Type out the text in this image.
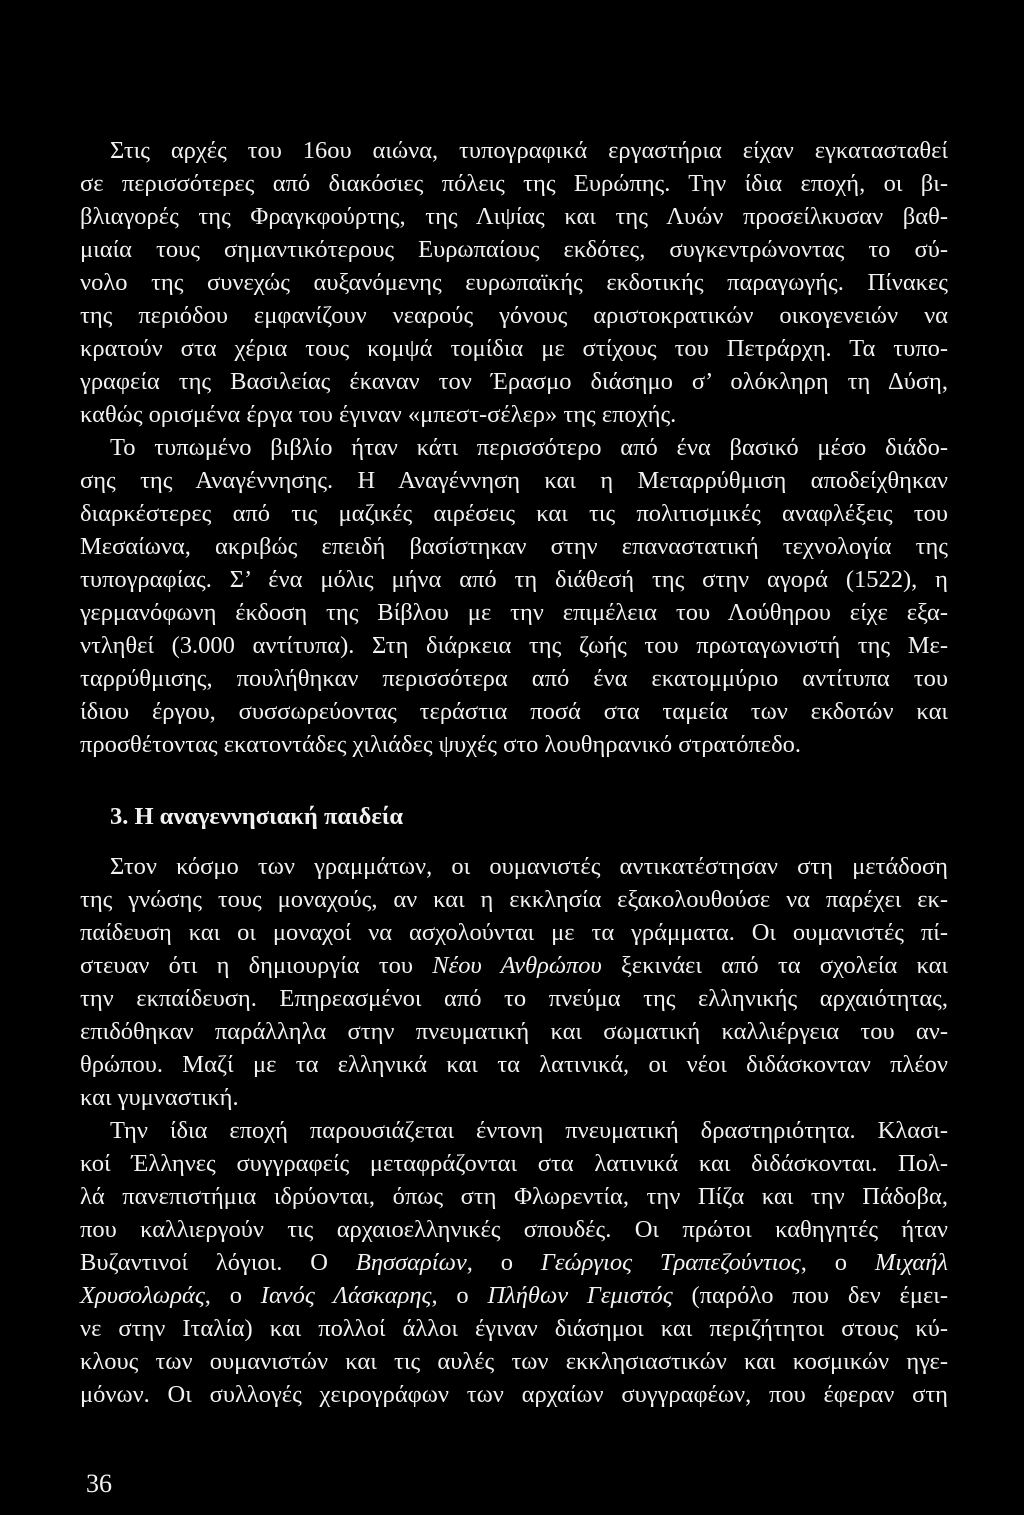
Στις αρχές του 16ου αιώνα, τυπογραφικά εργαστήρια είχαν εγκατασταθεί
σε περισσότερες από διακόσιες πόλεις της Ευρώπης. Την ίδια εποχή, οι βι-
βλιαγορές της Φραγκφούρτης, της Λιψίας και της Λυών προσείλκυσαν βαθ-
μιαία τους σημαντικότερους Ευρωπαίους εκδότες, συγκεντρώνοντας το σύ-
νολο της συνεχώς αυξανόμενης ευρωπαϊκής εκδοτικής παραγωγής. Πίνακες
της περιόδου εμφανίζουν νεαρούς γόνους αριστοκρατικών οικογενειών να
κρατούν στα χέρια τους κομψά τομίδια με στίχους του Πετράρχη. Τα τυπο-
γραφεία της Βασιλείας έκαναν τον Έρασμο διάσημο σ’ ολόκληρη τη Δύση,
καθώς ορισμένα έργα του έγιναν «μπεστ-σέλερ» της εποχής.
Το τυπωμένο βιβλίο ήταν κάτι περισσότερο από ένα βασικό μέσο διάδο-
σης της Αναγέννησης. Η Αναγέννηση και η Μεταρρύθμιση αποδείχθηκαν
διαρκέστερες από τις μαζικές αιρέσεις και τις πολιτισμικές αναφλέξεις του
Μεσαίωνα, ακριβώς επειδή βασίστηκαν στην επαναστατική τεχνολογία της
τυπογραφίας. Σ’ ένα μόλις μήνα από τη διάθεσή της στην αγορά (1522), η
γερμανόφωνη έκδοση της Βίβλου με την επιμέλεια του Λούθηρου είχε εξα-
ντληθεί (3.000 αντίτυπα). Στη διάρκεια της ζωής του πρωταγωνιστή της Με-
ταρρύθμισης, πουλήθηκαν περισσότερα από ένα εκατομμύριο αντίτυπα του
ίδιου έργου, συσσωρεύοντας τεράστια ποσά στα ταμεία των εκδοτών και
προσθέτοντας εκατοντάδες χιλιάδες ψυχές στο λουθηρανικό στρατόπεδο.
3. Η αναγεννησιακή παιδεία
Στον κόσμο των γραμμάτων, οι ουμανιστές αντικατέστησαν στη μετάδοση
της γνώσης τους μοναχούς, αν και η εκκλησία εξακολουθούσε να παρέχει εκ-
παίδευση και οι μοναχοί να ασχολούνται με τα γράμματα. Οι ουμανιστές πί-
στευαν ότι η δημιουργία του Νέου Ανθρώπου ξεκινάει από τα σχολεία και
την εκπαίδευση. Επηρεασμένοι από το πνεύμα της ελληνικής αρχαιότητας,
επιδόθηκαν παράλληλα στην πνευματική και σωματική καλλιέργεια του αν-
θρώπου. Μαζί με τα ελληνικά και τα λατινικά, οι νέοι διδάσκονταν πλέον
και γυμναστική.
Την ίδια εποχή παρουσιάζεται έντονη πνευματική δραστηριότητα. Κλασι-
κοί Έλληνες συγγραφείς μεταφράζονται στα λατινικά και διδάσκονται. Πολ-
λά πανεπιστήμια ιδρύονται, όπως στη Φλωρεντία, την Πίζα και την Πάδοβα,
που καλλιεργούν τις αρχαιοελληνικές σπουδές. Οι πρώτοι καθηγητές ήταν
Βυζαντινοί λόγιοι. Ο Βησσαρίων, ο Γεώργιος Τραπεζούντιος, ο Μιχαήλ
Χρυσολωράς, ο Ιανός Λάσκαρης, ο Πλήθων Γεμιστός (παρόλο που δεν έμει-
νε στην Ιταλία) και πολλοί άλλοι έγιναν διάσημοι και περιζήτητοι στους κύ-
κλους των ουμανιστών και τις αυλές των εκκλησιαστικών και κοσμικών ηγε-
μόνων. Οι συλλογές χειρογράφων των αρχαίων συγγραφέων, που έφεραν στη
36
